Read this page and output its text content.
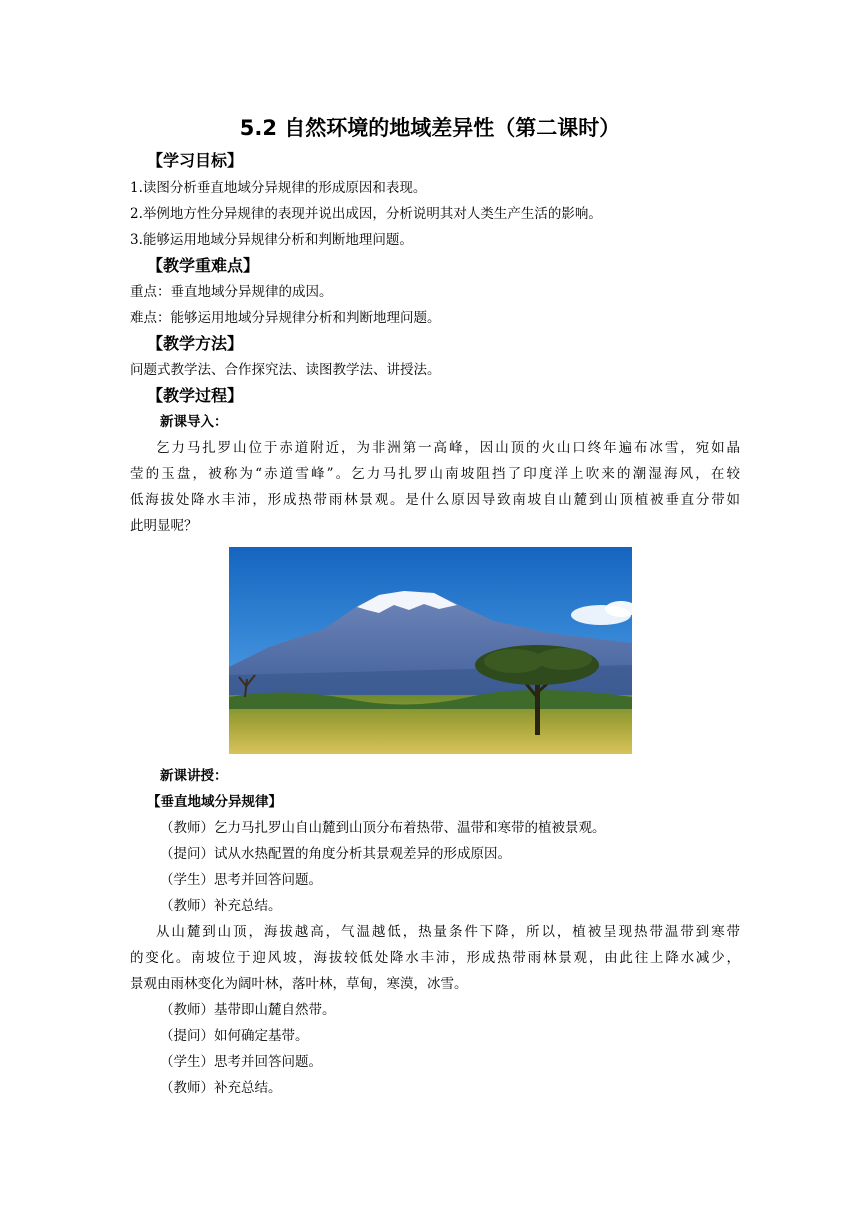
5.2 自然环境的地域差异性（第二课时）
【学习目标】
1.读图分析垂直地域分异规律的形成原因和表现。
2.举例地方性分异规律的表现并说出成因，分析说明其对人类生产生活的影响。
3.能够运用地域分异规律分析和判断地理问题。
【教学重难点】
重点：垂直地域分异规律的成因。
难点：能够运用地域分异规律分析和判断地理问题。
【教学方法】
问题式教学法、合作探究法、读图教学法、讲授法。
【教学过程】
新课导入：
乞力马扎罗山位于赤道附近，为非洲第一高峰，因山顶的火山口终年遍布冰雪，宛如晶
莹的玉盘，被称为“赤道雪峰”。乞力马扎罗山南坡阻挡了印度洋上吹来的潮湿海风，在较
低海拔处降水丰沛，形成热带雨林景观。是什么原因导致南坡自山麓到山顶植被垂直分带如
此明显呢？
新课讲授：
【垂直地域分异规律】
（教师）乞力马扎罗山自山麓到山顶分布着热带、温带和寒带的植被景观。
（提问）试从水热配置的角度分析其景观差异的形成原因。
（学生）思考并回答问题。
（教师）补充总结。
从山麓到山顶，海拔越高，气温越低，热量条件下降，所以，植被呈现热带温带到寒带
的变化。南坡位于迎风坡，海拔较低处降水丰沛，形成热带雨林景观，由此往上降水减少，
景观由雨林变化为阔叶林，落叶林，草甸，寒漠，冰雪。
（教师）基带即山麓自然带。
（提问）如何确定基带。
（学生）思考并回答问题。
（教师）补充总结。
